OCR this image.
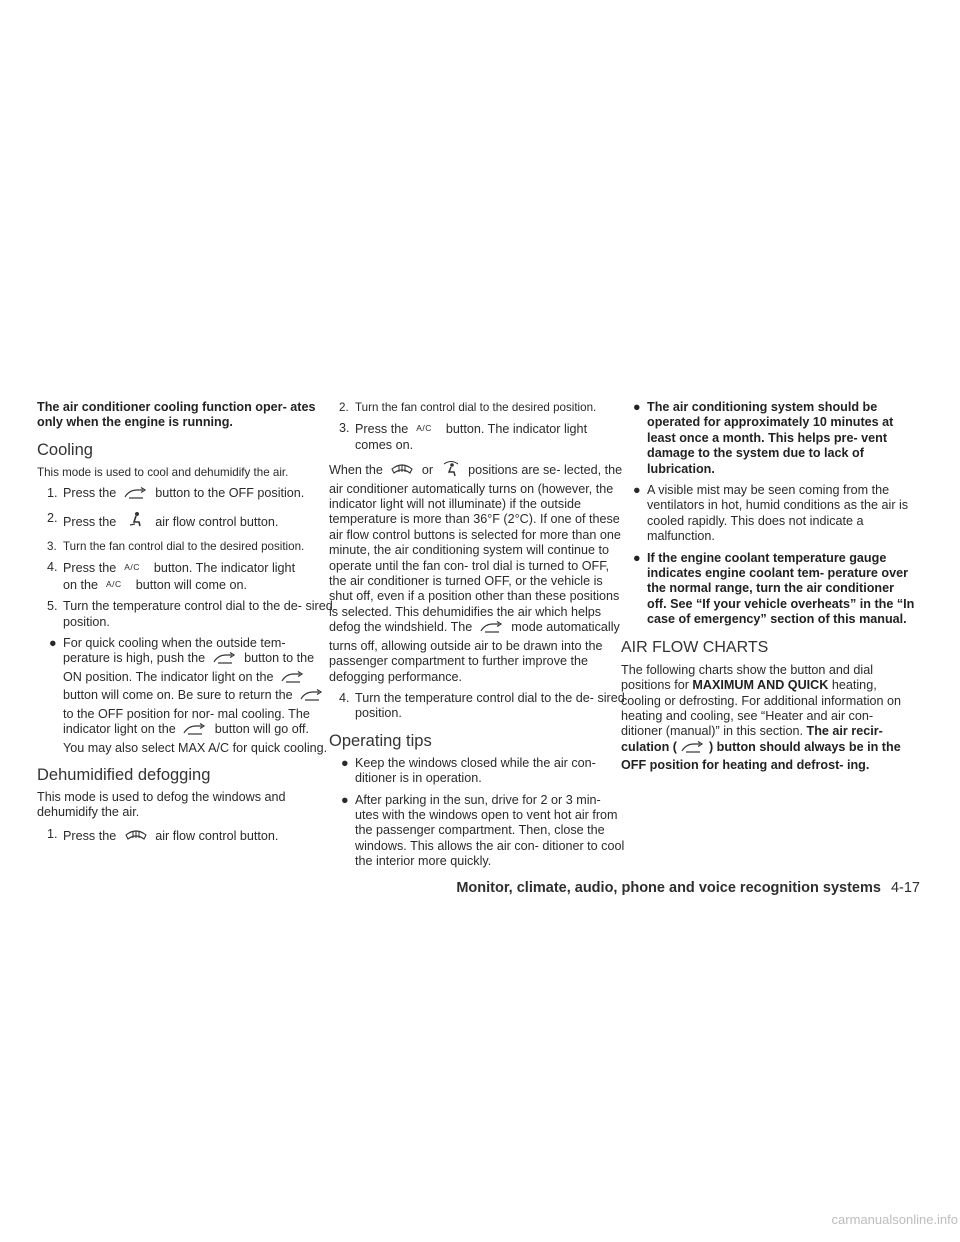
The air conditioner cooling function oper- ates only when the engine is running.

Cooling

This mode is used to cool and dehumidify the air.

1. Press the	button to the OFF position.
2. Press the	air flow control button.
3. Turn the fan control dial to the desired position.
4. Press the A/C button. The indicator light
on the A/C button will come on.
5. Turn the temperature control dial to the de- sired position.
● For quick cooling when the outside tem- perature is high, push the	button to the ON position. The indicator light on the  button will come on. Be sure to return the  to the OFF position for nor- mal cooling. The indicator light on the	button will go off. You may also select MAX A/C for quick cooling.
Dehumidified defogging

This mode is used to defog the windows and dehumidify the air.

1. Press the	air flow control button.
2. Turn the fan control dial to the desired position.
3. Press the A/C button. The indicator light comes on.

When the	or	positions are se- lected, the air conditioner automatically turns on (however, the indicator light will not illuminate) if the outside temperature is more than 36°F (2°C). If one of these air flow control buttons is selected for more than one minute, the air conditioning system will continue to operate until the fan con- trol dial is turned to OFF, the air conditioner is turned OFF, or the vehicle is shut off, even if a position other than these positions is selected. This dehumidifies the air which helps defog the windshield. The	mode automatically turns off, allowing outside air to be drawn into the passenger compartment to further improve the defogging performance.

4. Turn the temperature control dial to the de- sired position.
Operating tips
● Keep the windows closed while the air con- ditioner is in operation.
● After parking in the sun, drive for 2 or 3 min- utes with the windows open to vent hot air from the passenger compartment. Then, close the windows. This allows the air con- ditioner to cool the interior more quickly.
● The air conditioning system should be operated for approximately 10 minutes at least once a month. This helps pre- vent damage to the system due to lack of lubrication.
● A visible mist may be seen coming from the ventilators in hot, humid conditions as the air is cooled rapidly. This does not indicate a malfunction.
● If the engine coolant temperature gauge indicates engine coolant tem- perature over the normal range, turn the air conditioner off. See “If your vehicle overheats” in the “In case of emergency” section of this manual.
AIR FLOW CHARTS

The following charts show the button and dial positions for MAXIMUM AND QUICK heating, cooling or defrosting. For additional information on heating and cooling, see “Heater and air con- ditioner (manual)” in this section. The air recir- culation (	) button should always be in the OFF position for heating and defrost- ing.

Monitor, climate, audio, phone and voice recognition systems 4-17
carmanualsonline.info
